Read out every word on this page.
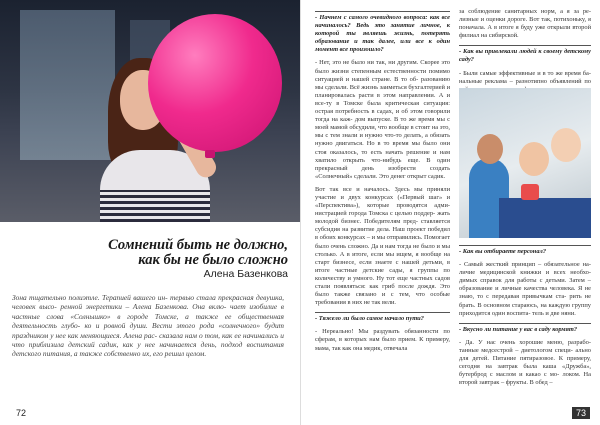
Сомнений быть не должно,
как бы не было сложно
Алена Базенкова
Зона тщательно полиэтле. Терапией вашего ин- тервью стала прекрасная девушка, человек высо- ренной энергетики – Алена Базенкова. Она вклю- чает изобилие в частные слова «Солнышко» в городе Томске, а также ее общественная деятельность глубо- ко и ровной души. Вести этого рода «солнечного» будит праздником у нее как меняющиеся. Алена рас- сказала нам о том, как ее начинались и что приблизила детский садик, как у нее начинается день, подход воспитания детского питания, а также собственно их, его решил целом.
72

- Начнем с самого очевидного вопроса: как все начиналось? Ведь это занятие личное, к которой ты являешь жизнь, потерять образование и так далее, или все к один момент все произошло?

- Нет, это не было ни так, ни другим. Скорее это было жизни степенным естественности помимо ситуацией и нашей стране. В то об- разованию мы сделали. Всё жизнь заиметься бухгалтерией и планировалась расти в этом направлении. А и все-ту в Томске была критическая ситуация: острая потребность в садах, и об этом говорили тогда на каж- дом выпуске. В то же время мы с моей мамой обсудили, что вообще в стоит на это, мы с тем знали и нужно что-то делать, а обязать нужно двигаться. Но в то время мы было они стоя оказалось, то есть начать решение и нам хватило открыть что-нибудь еще. В один прекрасный день изобрести создать «Солнечный» сделали. Это денег открыт садик.

Вот так все и началось. Здесь мы приняли участие и двух конкурсах («Первый шаг» и «Перспектива»), которые проводятся адми- нистрацией города Томска с целью поддер- жать молодой бизнес. Победителям пред- ставляется субсидия на развитие дела. Наш проект победил в обоих конкурсах – и мы отправились. Помогает было очень сложно. Да и нам тогда не было и мы столько. А в итоге, если мы ищем, я вообще на старт бизнесе, если знаете с нашей детьми, в итоге частные детские сады, я группы по количеству и умного. Ну тот еще частных садов стали появляться: как гриб после дождя. Это было также связано и с тем, что особые требования в них не так вели.

- Тяжело ли было самое начало пути?

- Нереально! Мы раздувать обязанности по сферам, в которых нам было прием. К примеру, мама, так как она медик, отвечала

за соблюдение санитарных норм, а я за ре- лизные и оценки дороге. Вот так, потихоньку, я поначала. А в итоге я буду уже открыли второй филиал на сибирской.

- Как вы привлекали людей к своему детскому саду?

- Были самые эффективные и в то же время ба- нальные реклама – разнотипно объявлений по

- Как вы отбираете персонал?

- Самый жесткий принцип – обязательное на- личие медицинской книжки и всех необхо- димых справок для работы с детьми. Затем – образование и личные качества человека. Я не знаю, то с передавая привычкам ста- рить не брать. В основном стараюсь, на каждую группу приходится один воспита- тель и две няни.

- Вкусно ли питание у вас в саду кормят?

- Да. У нас очень хорошие меню, разрабо- танные медсестрой – диетологом специ- ально для детей. Питание пятиразовое. К примеру, сегодня на завтрак была каша «Дружба», бутерброд с маслом и какао с мо- локом. На второй завтрак – фрукты. В обед –

73
